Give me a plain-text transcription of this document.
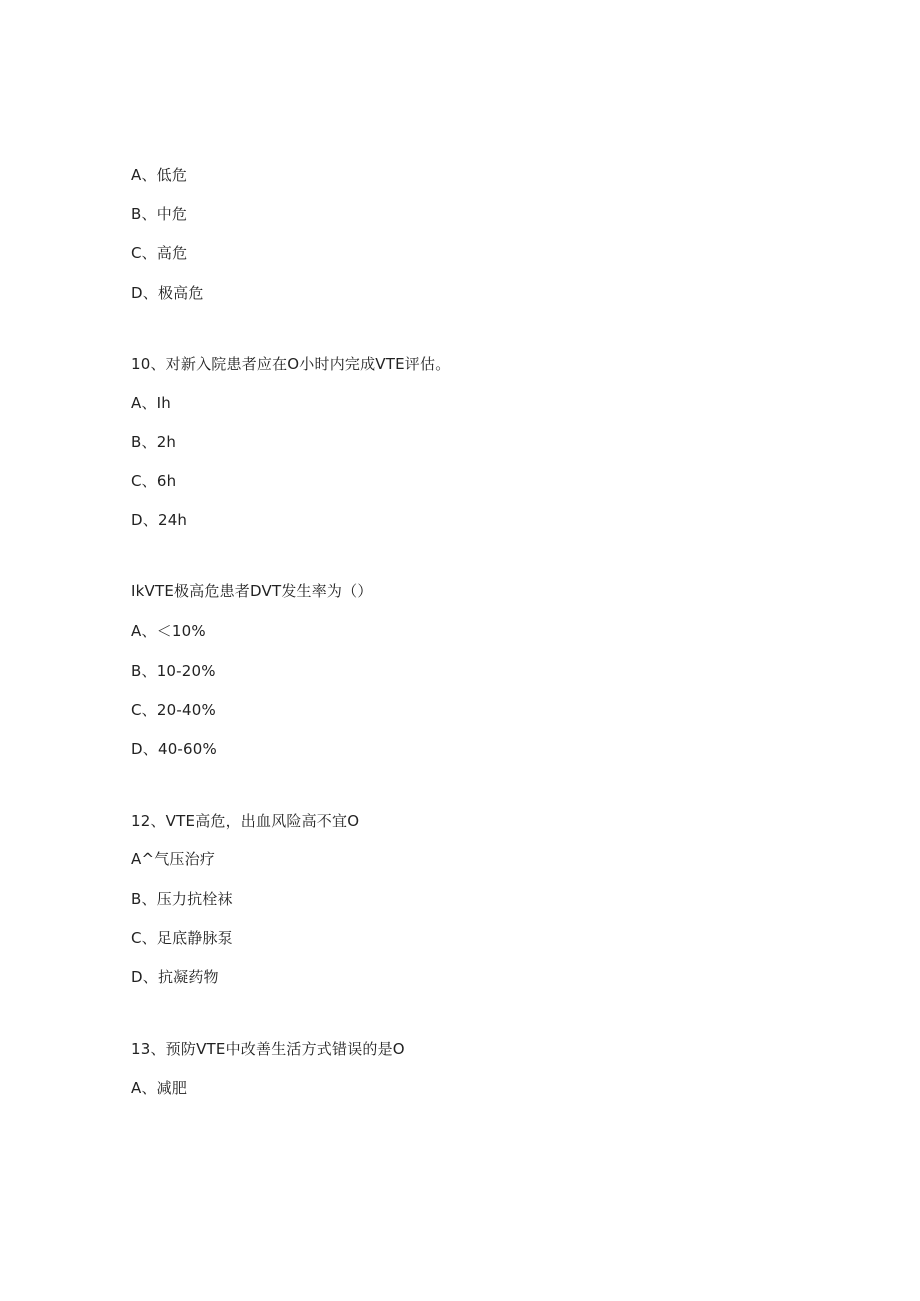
A、低危
B、中危
C、高危
D、极高危
10、对新入院患者应在O小时内完成VTE评估。
A、Ih
B、2h
C、6h
D、24h
IkVTE极高危患者DVT发生率为（）
A、＜10%
B、10-20%
C、20-40%
D、40-60%
12、VTE高危，出血风险高不宜O
A^气压治疗
B、压力抗栓袜
C、足底静脉泵
D、抗凝药物
13、预防VTE中改善生活方式错误的是O
A、减肥
